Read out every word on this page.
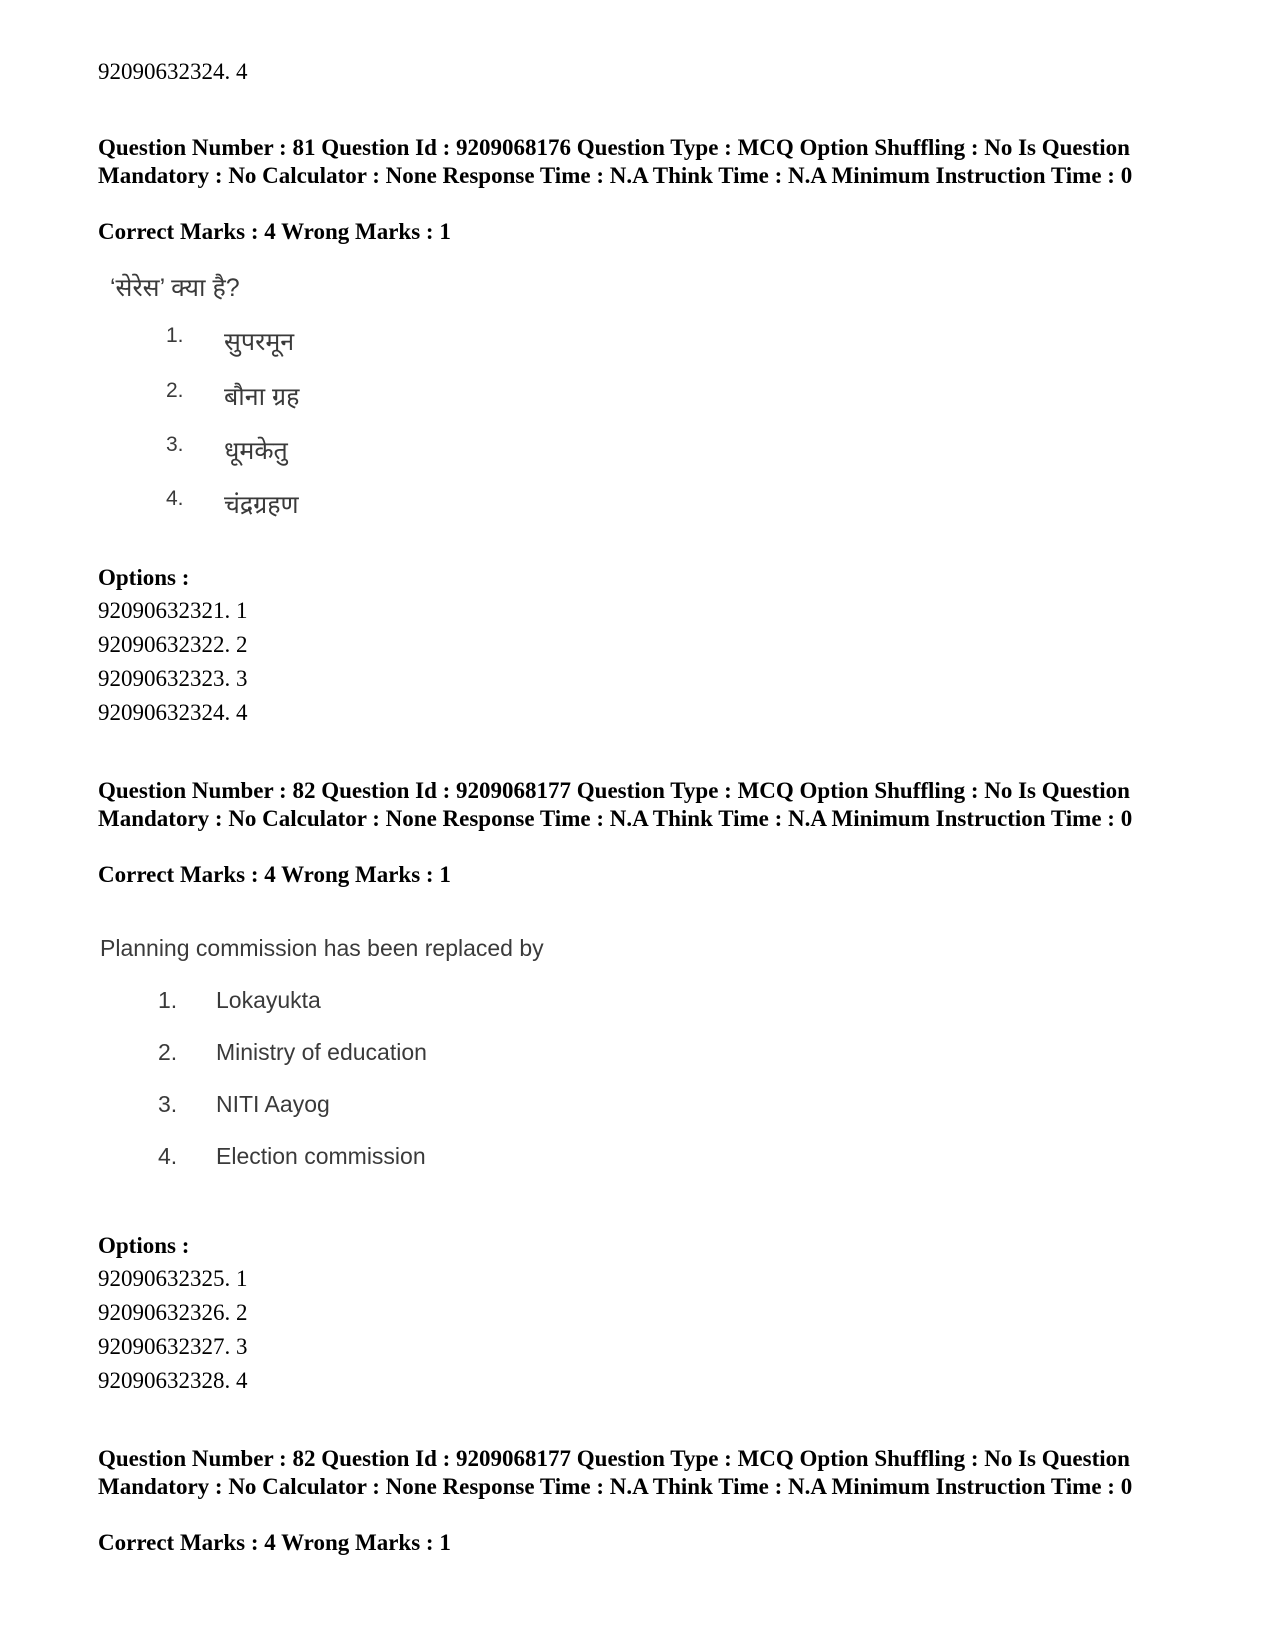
92090632324. 4
Question Number : 81 Question Id : 9209068176 Question Type : MCQ Option Shuffling : No Is Question Mandatory : No Calculator : None Response Time : N.A Think Time : N.A Minimum Instruction Time : 0
Correct Marks : 4 Wrong Marks : 1
‘सेरेस’ क्या है?
1. सुपरमून
2. बौना ग्रह
3. धूमकेतु
4. चंद्रग्रहण
Options :
92090632321. 1
92090632322. 2
92090632323. 3
92090632324. 4
Question Number : 82 Question Id : 9209068177 Question Type : MCQ Option Shuffling : No Is Question Mandatory : No Calculator : None Response Time : N.A Think Time : N.A Minimum Instruction Time : 0
Correct Marks : 4 Wrong Marks : 1
Planning commission has been replaced by
1. Lokayukta
2. Ministry of education
3. NITI Aayog
4. Election commission
Options :
92090632325. 1
92090632326. 2
92090632327. 3
92090632328. 4
Question Number : 82 Question Id : 9209068177 Question Type : MCQ Option Shuffling : No Is Question Mandatory : No Calculator : None Response Time : N.A Think Time : N.A Minimum Instruction Time : 0
Correct Marks : 4 Wrong Marks : 1
